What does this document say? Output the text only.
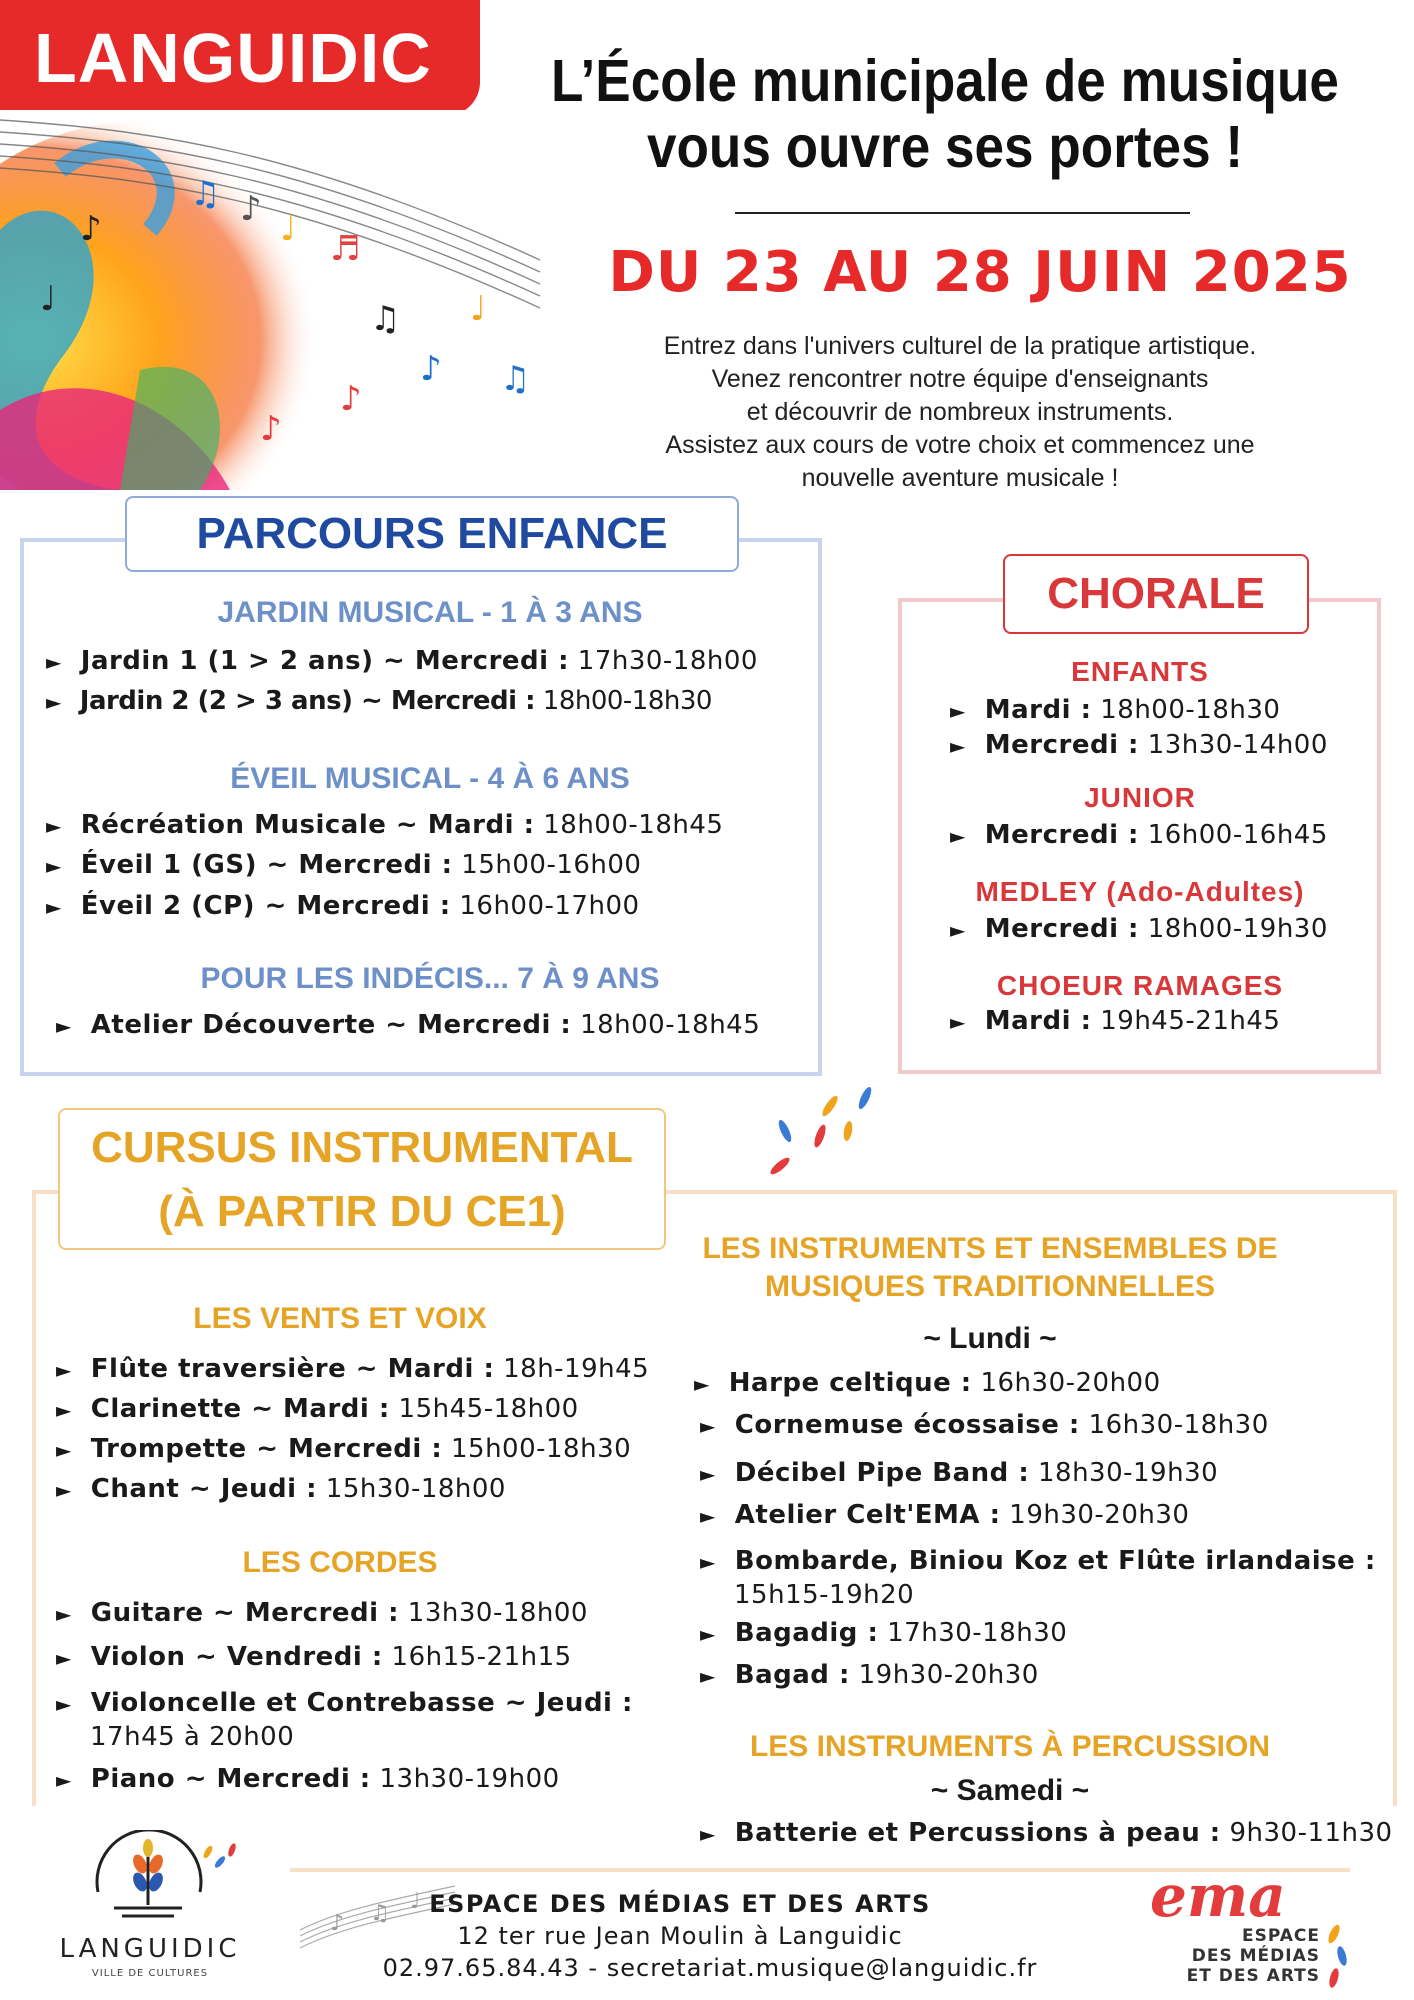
LANGUIDIC
♫ ♪ ♩ ♬
♫
♪
♩
♫
♪
♪
♩
♪
L’École municipale de musique
vous ouvre ses portes !
DU 23 AU 28 JUIN 2025

Entrez dans l'univers culturel de la pratique artistique.

Venez rencontrer notre équipe d'enseignants

et découvrir de nombreux instruments.

Assistez aux cours de votre choix et commencez une

nouvelle aventure musicale !

PARCOURS ENFANCE
JARDIN MUSICAL - 1 À 3 ANS
► Jardin 1 (1 > 2 ans) ~ Mercredi : 17h30-18h00
► Jardin 2 (2 > 3 ans) ~ Mercredi : 18h00-18h30
ÉVEIL MUSICAL - 4 À 6 ANS
► Récréation Musicale ~ Mardi : 18h00-18h45
► Éveil 1 (GS) ~ Mercredi : 15h00-16h00
► Éveil 2 (CP) ~ Mercredi : 16h00-17h00
POUR LES INDÉCIS... 7 À 9 ANS
► Atelier Découverte ~ Mercredi : 18h00-18h45
CHORALE
ENFANTS
► Mardi : 18h00-18h30
► Mercredi : 13h30-14h00
JUNIOR
► Mercredi : 16h00-16h45
MEDLEY (Ado-Adultes)
► Mercredi : 18h00-19h30
CHOEUR RAMAGES
► Mardi : 19h45-21h45
CURSUS INSTRUMENTAL
(À PARTIR DU CE1)
LES VENTS ET VOIX
► Flûte traversière ~ Mardi : 18h-19h45
► Clarinette ~ Mardi : 15h45-18h00
► Trompette ~ Mercredi : 15h00-18h30
► Chant ~ Jeudi : 15h30-18h00
LES CORDES
► Guitare ~ Mercredi : 13h30-18h00
► Violon ~ Vendredi : 16h15-21h15
► Violoncelle et Contrebasse ~ Jeudi :
17h45 à 20h00
► Piano ~ Mercredi : 13h30-19h00
LES INSTRUMENTS ET ENSEMBLES DE
MUSIQUES TRADITIONNELLES
~ Lundi ~
► Harpe celtique : 16h30-20h00
► Cornemuse écossaise : 16h30-18h30
► Décibel Pipe Band : 18h30-19h30
► Atelier Celt'EMA : 19h30-20h30
► Bombarde, Biniou Koz et Flûte irlandaise :
15h15-19h20
► Bagadig : 17h30-18h30
► Bagad : 19h30-20h30
LES INSTRUMENTS À PERCUSSION
~ Samedi ~
► Batterie et Percussions à peau : 9h30-11h30
LANGUIDIC
VILLE DE CULTURES
♪ ♫ ♩ ESPACE DES MÉDIAS ET DES ARTS
12 ter rue Jean Moulin à Languidic
02.97.65.84.43 - secretariat.musique@languidic.fr
ema
ESPACE
DES MÉDIAS
ET DES ARTS
